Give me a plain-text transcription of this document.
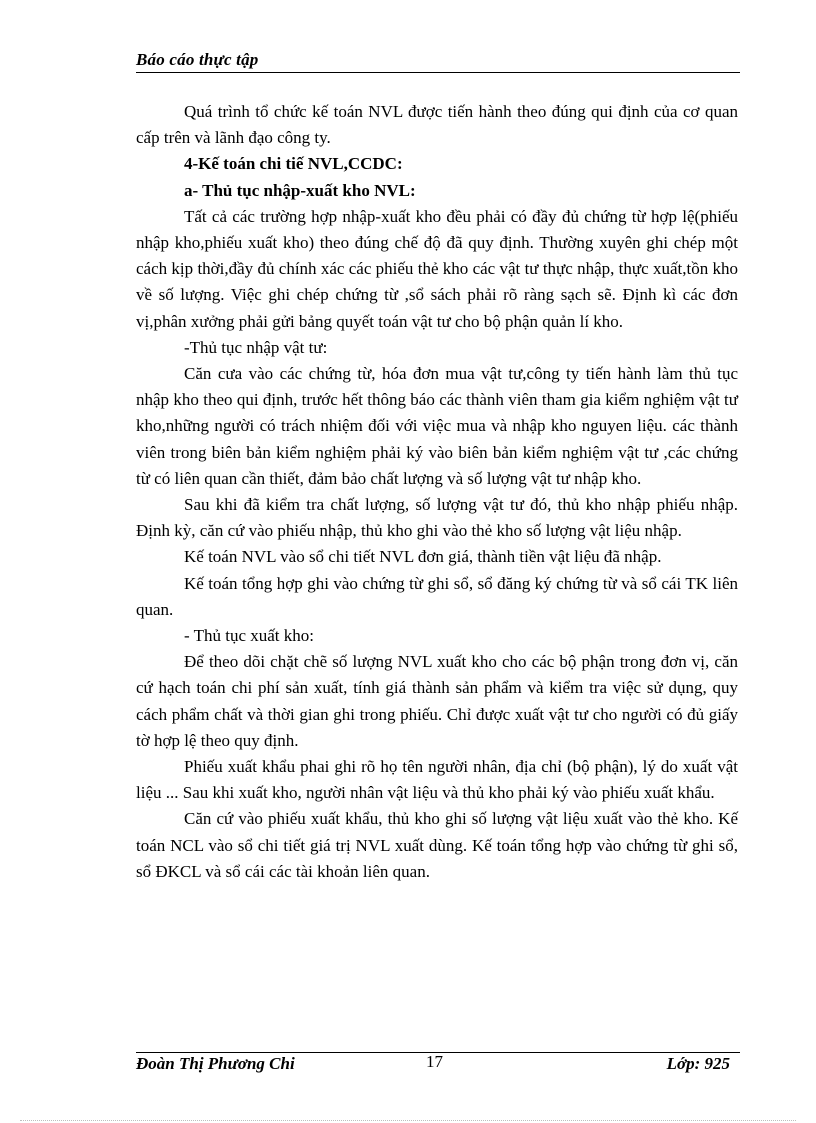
Báo cáo thực tập

Quá trình tổ chức kế toán NVL được tiến hành theo đúng qui định của cơ quan cấp trên và lãnh đạo công ty.

4-Kế toán chi tiế NVL,CCDC:

a- Thủ tục nhập-xuất kho NVL:

Tất cả các trường hợp nhập-xuất kho đều phải có đầy đủ chứng từ hợp lệ(phiếu nhập kho,phiếu xuất kho) theo đúng chế độ đã quy định. Thường xuyên ghi chép một cách kịp thời,đầy đủ chính xác các phiếu thẻ kho các vật tư thực nhập, thực xuất,tồn kho về số lượng. Việc ghi chép chứng từ ,sổ sách phải rõ ràng sạch sẽ. Định kì các đơn vị,phân xưởng phải gửi bảng quyết toán vật tư cho bộ phận quản lí kho.

-Thủ tục nhập vật tư:

Căn cưa vào các chứng từ, hóa đơn mua vật tư,công ty tiến hành làm thủ tục nhập kho theo qui định, trước hết thông báo các thành viên tham gia kiểm nghiệm vật tư kho,những người có trách nhiệm đối với việc mua và nhập kho nguyen liệu. các thành viên trong biên bản kiểm nghiệm phải ký vào biên bản kiểm nghiệm vật tư ,các chứng từ có liên quan cần thiết, đảm bảo chất lượng và số lượng vật tư nhập kho.

Sau khi đã kiểm tra chất lượng, số lượng vật tư đó, thủ kho nhập phiếu nhập. Định kỳ, căn cứ vào phiếu nhập, thủ kho ghi vào thẻ kho số lượng vật liệu nhập.

Kế toán NVL vào sổ chi tiết NVL đơn giá, thành tiền vật liệu đã nhập.

Kế toán tổng hợp ghi vào chứng từ ghi sổ, sổ đăng ký chứng từ và sổ cái TK liên quan.

- Thủ tục xuất kho:

Để theo dõi chặt chẽ số lượng NVL xuất kho cho các bộ phận trong đơn vị, căn cứ hạch toán chi phí sản xuất, tính giá thành sản phẩm và kiểm tra việc sử dụng, quy cách phẩm chất và thời gian ghi trong phiếu. Chỉ được xuất vật tư cho người có đủ giấy tờ hợp lệ theo quy định.

Phiếu xuất khẩu phai ghi rõ họ tên người nhân, địa chỉ (bộ phận), lý do xuất vật liệu ... Sau khi xuất kho, người nhân vật liệu và thủ kho phải ký vào phiếu xuất khẩu.

Căn cứ vào phiếu xuất khẩu, thủ kho ghi số lượng vật liệu xuất vào thẻ kho. Kế toán NCL vào sổ chi tiết giá trị NVL xuất dùng. Kế toán tổng hợp vào chứng từ ghi sổ, sổ ĐKCL và sổ cái các tài khoản liên quan.

Đoàn Thị Phương Chi	17	Lớp: 925
